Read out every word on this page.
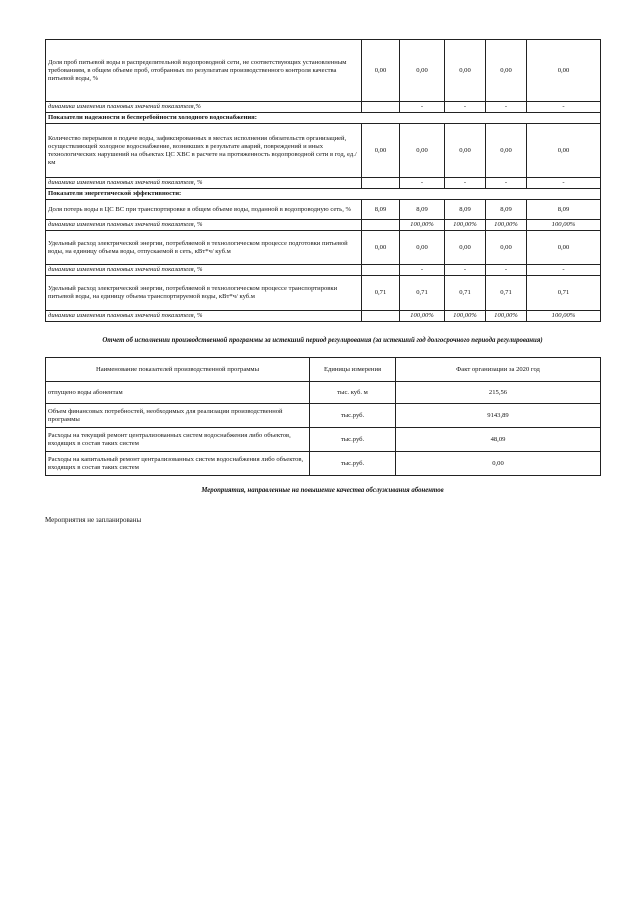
Доля проб питьевой воды в распределительной водопроводной сети, не соответствующих установленным требованиям, в общем объеме проб, отобранных по результатам производственного контроля качества питьевой воды, %	0,00	0,00	0,00	0,00	0,00
динамика изменения плановых значений показателя,%		-	-	-	-
Показатели надежности и бесперебойности холодного водоснабжения:					
Количество перерывов в подаче воды, зафиксированных в местах исполнения обязательств организацией, осуществляющей холодное водоснабжение, возникших в результате аварий, повреждений и иных технологических нарушений на объектах ЦС ХВС в расчете на протяженность водопроводной сети в год, ед./км	0,00	0,00	0,00	0,00	0,00
динамика изменения плановых значений показателя, %		-	-	-	-
Показатели энергетической эффективности:					
Доля потерь воды в ЦС ВС при транспортировке в общем объеме воды, поданной в водопроводную сеть, %	8,09	8,09	8,09	8,09	8,09
динамика изменения плановых значений показателя, %		100,00%	100,00%	100,00%	100,00%
Удельный расход электрической энергии, потребляемой в технологическом процессе подготовки питьевой воды, на единицу объема воды, отпускаемой в сеть, кВт*ч/ куб.м	0,00	0,00	0,00	0,00	0,00
динамика изменения плановых значений показателя, %		-	-	-	-
Удельный расход электрической энергии, потребляемой в технологическом процессе транспортировки питьевой воды, на единицу объема транспортируемой воды, кВт*ч/ куб.м	0,71	0,71	0,71	0,71	0,71
динамика изменения плановых значений показателя, %		100,00%	100,00%	100,00%	100,00%
Отчет об исполнении производственной программы за истекший период регулирования (за истекший год долгосрочного периода регулирования)
Наименование показателей производственной программы	Единицы измерения	Факт организации за 2020 год
отпущено воды абонентам	тыс. куб. м	215,56
Объем финансовых потребностей, необходимых для реализации производственной программы	тыс.руб.	9143,89
Расходы на текущий ремонт централизованных систем водоснабжения либо объектов, входящих в состав таких систем	тыс.руб.	48,09
Расходы на капитальный ремонт централизованных систем водоснабжения либо объектов, входящих в состав таких систем	тыс.руб.	0,00
Мероприятия, направленные на повышение качества обслуживания абонентов
Мероприятия не запланированы
